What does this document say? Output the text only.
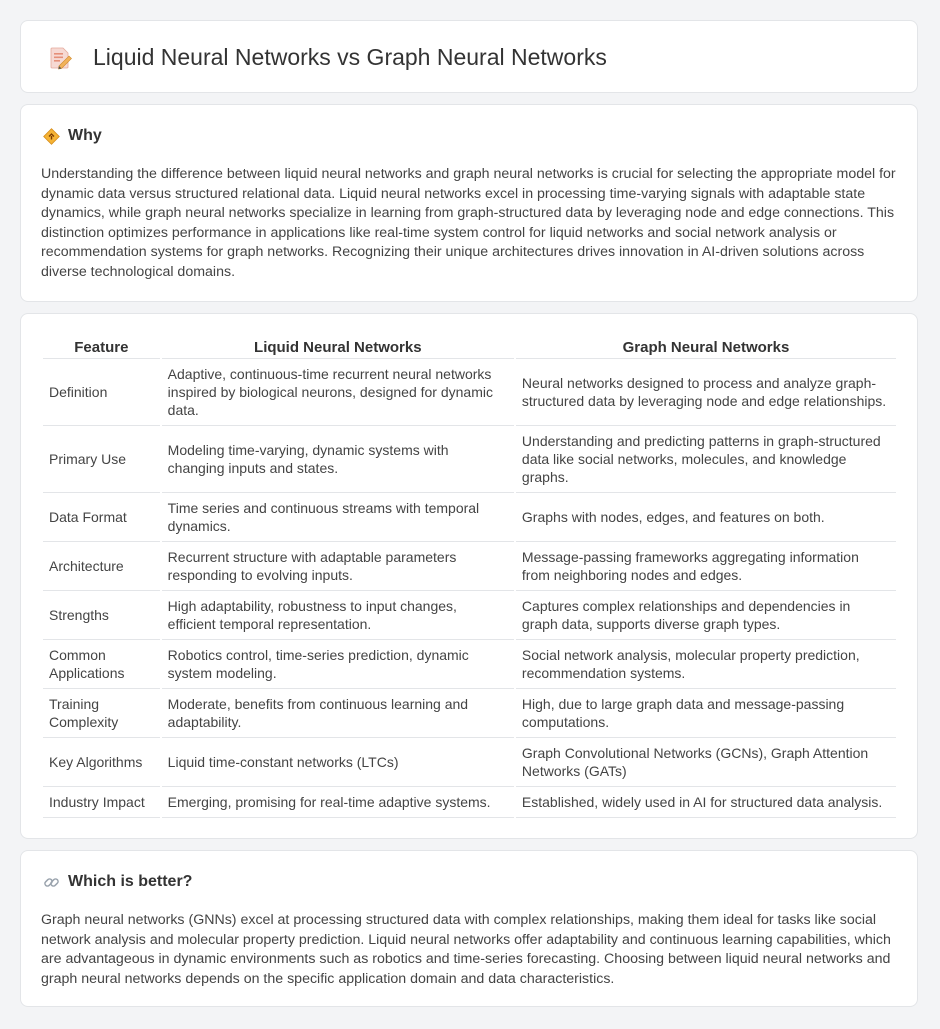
Liquid Neural Networks vs Graph Neural Networks
Why

Understanding the difference between liquid neural networks and graph neural networks is crucial for selecting the appropriate model for dynamic data versus structured relational data. Liquid neural networks excel in processing time-varying signals with adaptable state dynamics, while graph neural networks specialize in learning from graph-structured data by leveraging node and edge connections. This distinction optimizes performance in applications like real-time system control for liquid networks and social network analysis or recommendation systems for graph networks. Recognizing their unique architectures drives innovation in AI-driven solutions across diverse technological domains.

Feature	Liquid Neural Networks	Graph Neural Networks
Definition	Adaptive, continuous-time recurrent neural networks inspired by biological neurons, designed for dynamic data.	Neural networks designed to process and analyze graph-structured data by leveraging node and edge relationships.
Primary Use	Modeling time-varying, dynamic systems with changing inputs and states.	Understanding and predicting patterns in graph-structured data like social networks, molecules, and knowledge graphs.
Data Format	Time series and continuous streams with temporal dynamics.	Graphs with nodes, edges, and features on both.
Architecture	Recurrent structure with adaptable parameters responding to evolving inputs.	Message-passing frameworks aggregating information from neighboring nodes and edges.
Strengths	High adaptability, robustness to input changes, efficient temporal representation.	Captures complex relationships and dependencies in graph data, supports diverse graph types.
Common Applications	Robotics control, time-series prediction, dynamic system modeling.	Social network analysis, molecular property prediction, recommendation systems.
Training Complexity	Moderate, benefits from continuous learning and adaptability.	High, due to large graph data and message-passing computations.
Key Algorithms	Liquid time-constant networks (LTCs)	Graph Convolutional Networks (GCNs), Graph Attention Networks (GATs)
Industry Impact	Emerging, promising for real-time adaptive systems.	Established, widely used in AI for structured data analysis.
Which is better?

Graph neural networks (GNNs) excel at processing structured data with complex relationships, making them ideal for tasks like social network analysis and molecular property prediction. Liquid neural networks offer adaptability and continuous learning capabilities, which are advantageous in dynamic environments such as robotics and time-series forecasting. Choosing between liquid neural networks and graph neural networks depends on the specific application domain and data characteristics.
